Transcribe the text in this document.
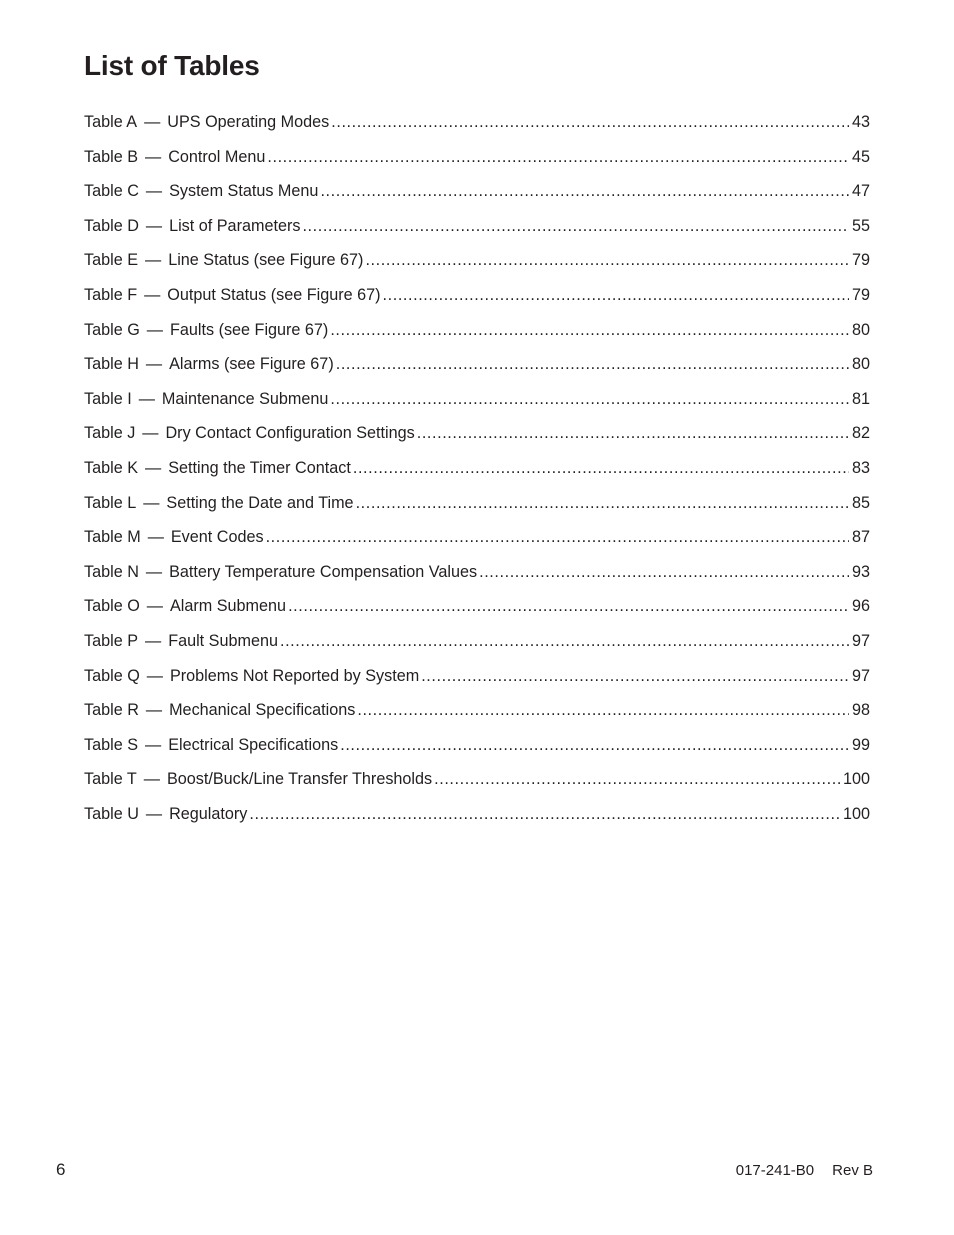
List of Tables
Table A — UPS Operating Modes .....	43
Table B — Control Menu .....	45
Table C — System Status Menu .....	47
Table D — List of Parameters .....	55
Table E — Line Status (see Figure 67) .....	79
Table F — Output Status (see Figure 67) .....	79
Table G — Faults (see Figure 67) .....	80
Table H — Alarms (see Figure 67) .....	80
Table I — Maintenance Submenu .....	81
Table J — Dry Contact Configuration Settings .....	82
Table K — Setting the Timer Contact .....	83
Table L — Setting the Date and Time .....	85
Table M — Event Codes .....	87
Table N — Battery Temperature Compensation Values .....	93
Table O — Alarm Submenu .....	96
Table P — Fault Submenu .....	97
Table Q — Problems Not Reported by System .....	97
Table R — Mechanical Specifications .....	98
Table S — Electrical Specifications .....	99
Table T — Boost/Buck/Line Transfer Thresholds .....	100
Table U — Regulatory .....	100
6	017-241-B0 Rev B
